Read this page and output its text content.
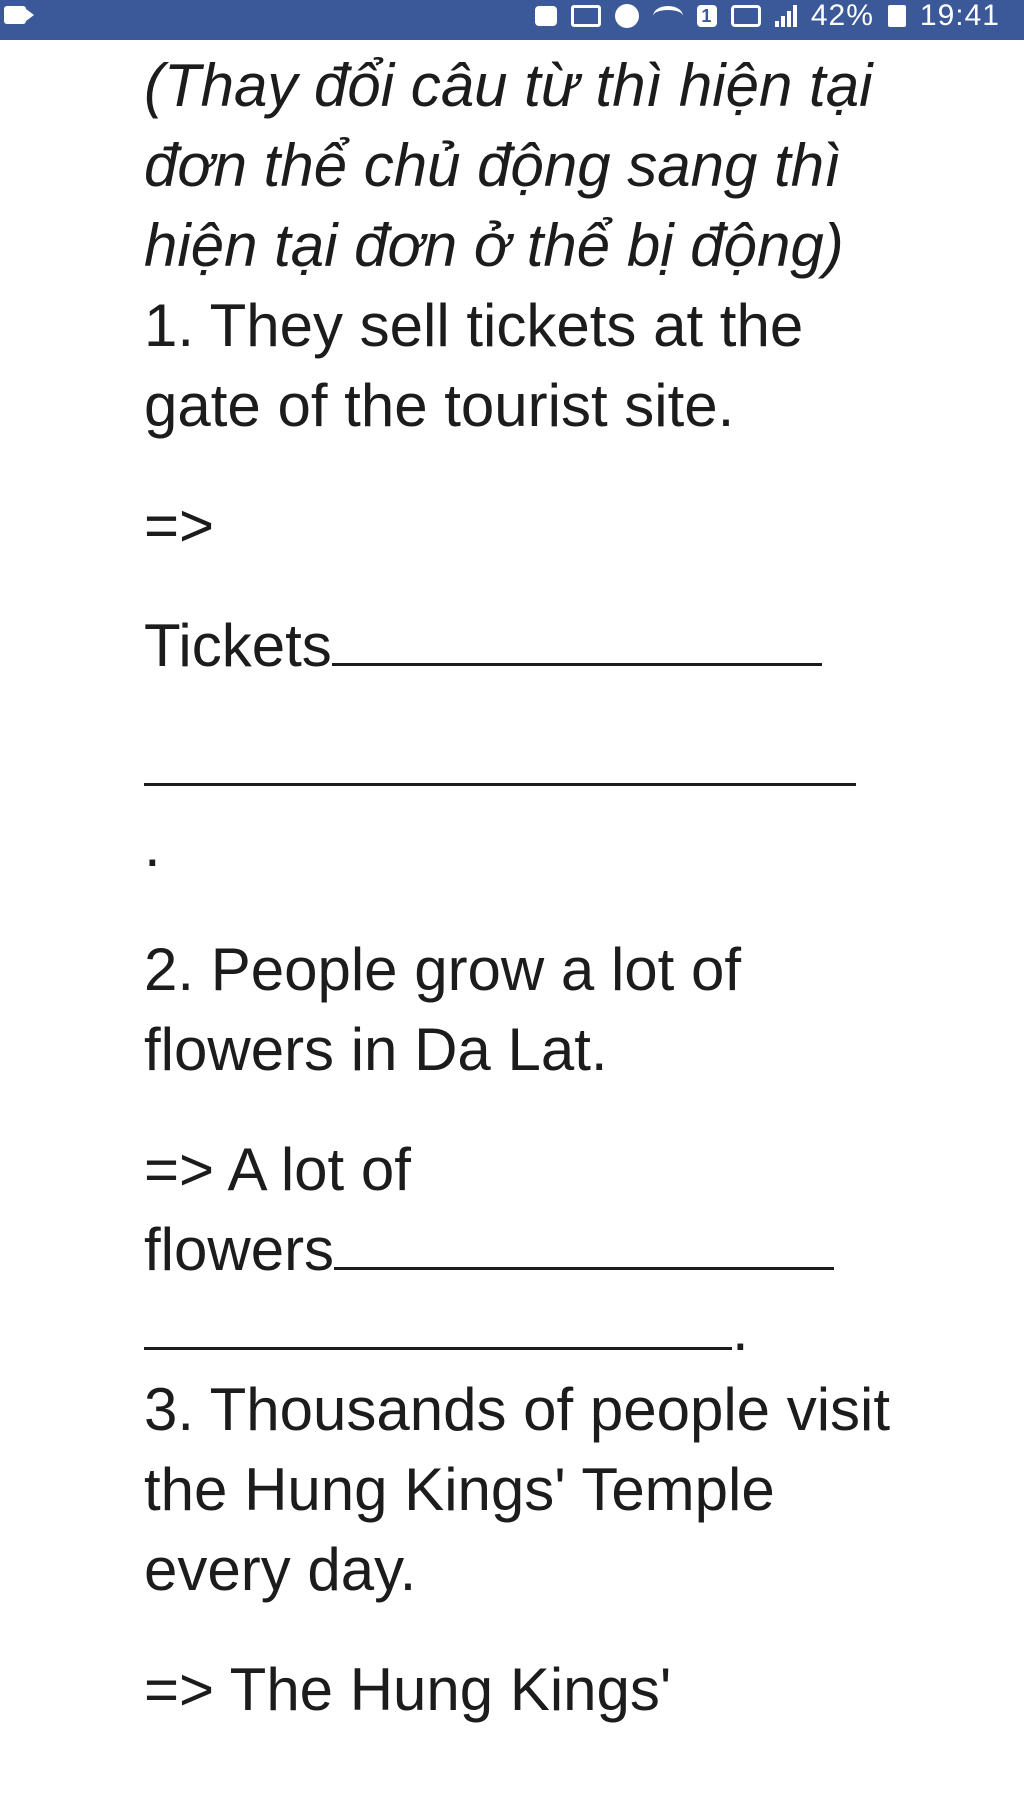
1	42% 19:41

(Thay đổi câu từ thì hiện tại đơn thể chủ động sang thì hiện tại đơn ở thể bị động)

1. They sell tickets at the gate of the tourist site.

=>

Tickets

.

2. People grow a lot of flowers in Da Lat.

=> A lot of

flowers

.

3. Thousands of people visit the Hung Kings' Temple every day.

=> The Hung Kings'
